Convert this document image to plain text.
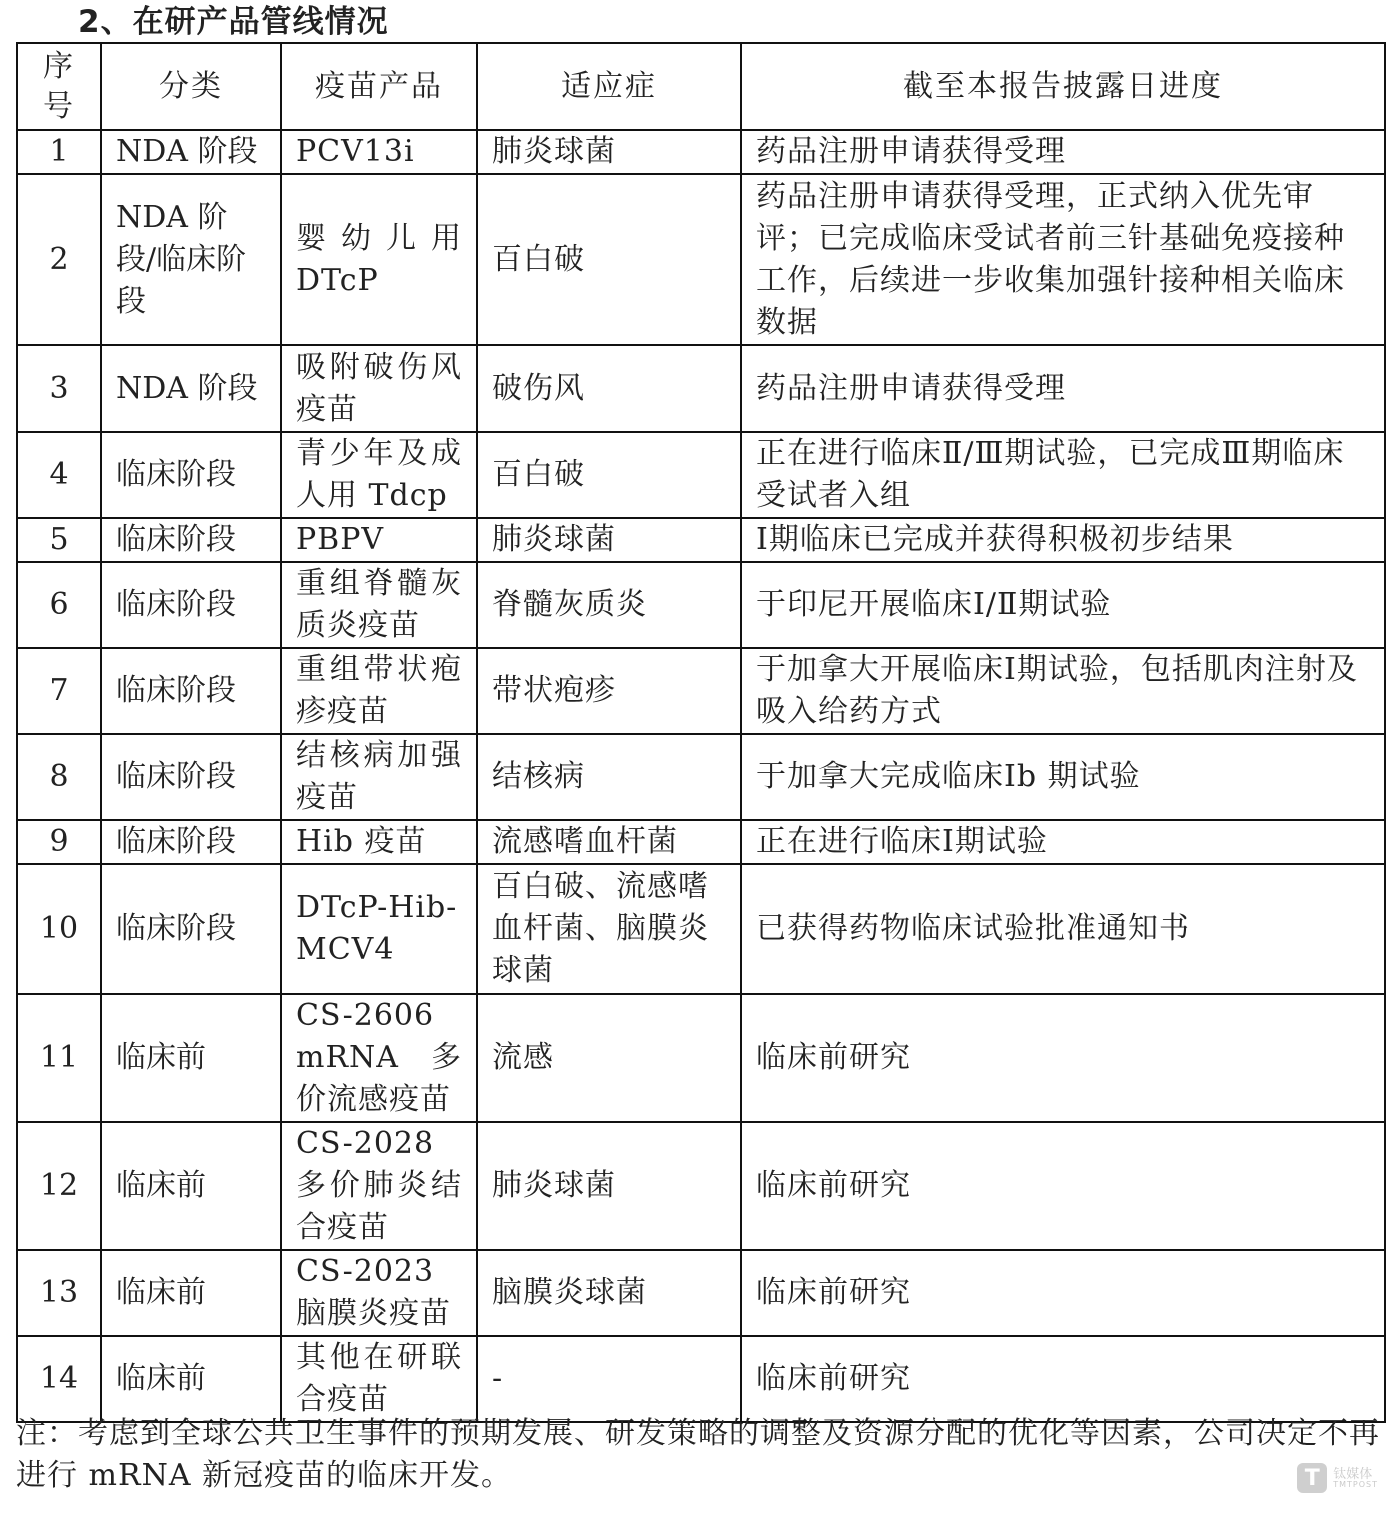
2、在研产品管线情况
序号	分类	疫苗产品	适应症	截至本报告披露日进度
1	NDA 阶段	PCV13i	肺炎球菌	药品注册申请获得受理
2	NDA 阶段/临床阶段	婴幼儿用DTcP	百白破	药品注册申请获得受理，正式纳入优先审评；已完成临床受试者前三针基础免疫接种工作，后续进一步收集加强针接种相关临床数据
3	NDA 阶段	吸附破伤风疫苗	破伤风	药品注册申请获得受理
4	临床阶段	青少年及成人用 Tdcp	百白破	正在进行临床Ⅱ/Ⅲ期试验，已完成Ⅲ期临床受试者入组
5	临床阶段	PBPV	肺炎球菌	Ⅰ期临床已完成并获得积极初步结果
6	临床阶段	重组脊髓灰质炎疫苗	脊髓灰质炎	于印尼开展临床Ⅰ/Ⅱ期试验
7	临床阶段	重组带状疱疹疫苗	带状疱疹	于加拿大开展临床Ⅰ期试验，包括肌肉注射及吸入给药方式
8	临床阶段	结核病加强疫苗	结核病	于加拿大完成临床Ⅰb 期试验
9	临床阶段	Hib 疫苗	流感嗜血杆菌	正在进行临床Ⅰ期试验
10	临床阶段	DTcP-Hib-MCV4	百白破、流感嗜血杆菌、脑膜炎球菌	已获得药物临床试验批准通知书
11	临床前	CS-2606 mRNA 多价流感疫苗	流感	临床前研究
12	临床前	CS-2028 多价肺炎结合疫苗	肺炎球菌	临床前研究
13	临床前	CS-2023 脑膜炎疫苗	脑膜炎球菌	临床前研究
14	临床前	其他在研联合疫苗	-	临床前研究
注：考虑到全球公共卫生事件的预期发展、研发策略的调整及资源分配的优化等因素，公司决定不再进行 mRNA 新冠疫苗的临床开发。	T	钛媒体
TMTPOST
